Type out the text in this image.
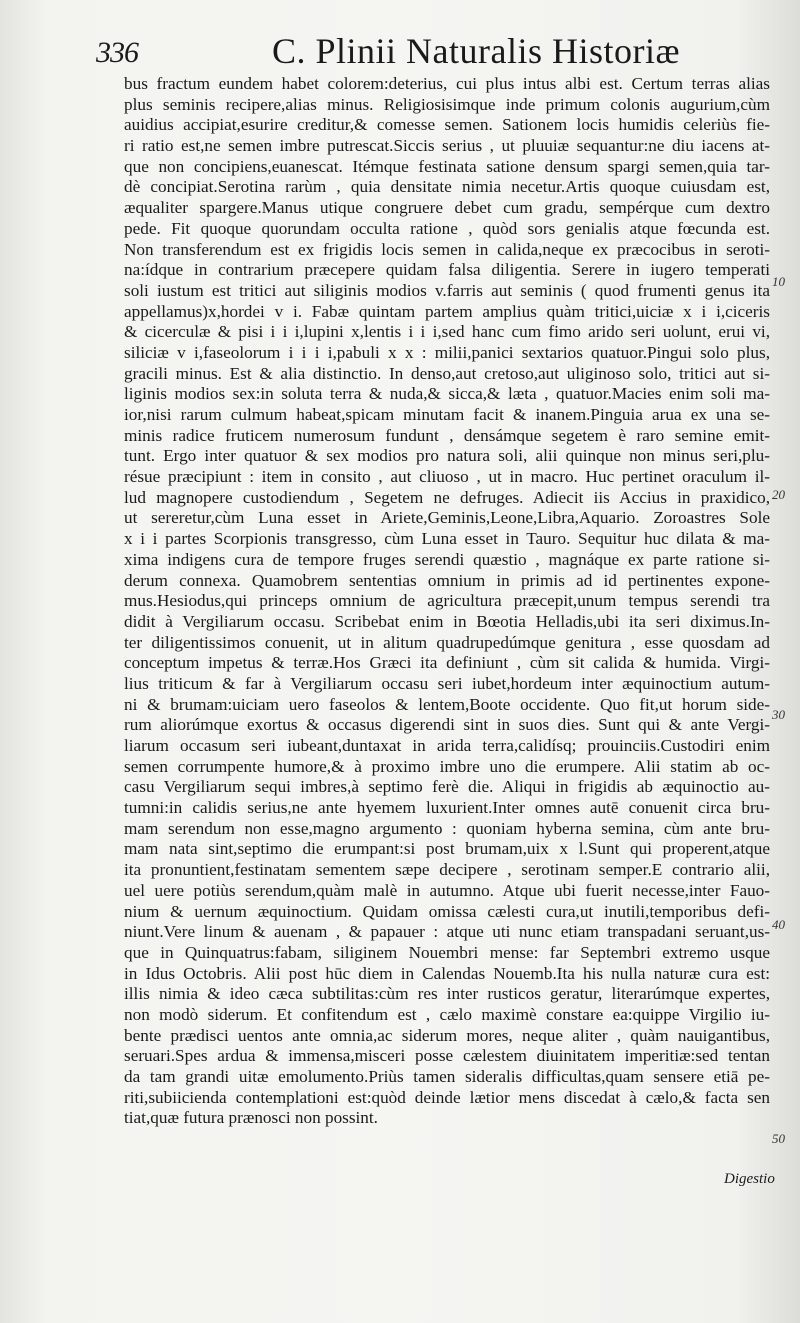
336	C. Plinii Naturalis Historiæ
bus fractum eundem habet colorem:deterius, cui plus intus albi est. Certum terras alias
plus seminis recipere,alias minus. Religiosisimque inde primum colonis augurium,cùm
auidius accipiat,esurire creditur,& comesse semen. Sationem locis humidis celeriùs fie-
ri ratio est,ne semen imbre putrescat.Siccis serius , ut pluuiæ sequantur:ne diu iacens at-
que non concipiens,euanescat. Itémque festinata satione densum spargi semen,quia tar-
dè concipiat.Serotina rarùm , quia densitate nimia necetur.Artis quoque cuiusdam est,
æqualiter spargere.Manus utique congruere debet cum gradu, sempérque cum dextro
pede. Fit quoque quorundam occulta ratione , quòd sors genialis atque fœcunda est.
Non transferendum est ex frigidis locis semen in calida,neque ex præcocibus in seroti-
na:ídque in contrarium præcepere quidam falsa diligentia. Serere in iugero temperati
soli iustum est tritici aut siliginis modios v.farris aut seminis ( quod frumenti genus ita
appellamus)x,hordei v i. Fabæ quintam partem amplius quàm tritici,uiciæ x i i,ciceris
& cicerculæ & pisi i i i,lupini x,lentis i i i,sed hanc cum fimo arido seri uolunt, erui vi,
siliciæ v i,faseolorum i i i i,pabuli x x : milii,panici sextarios quatuor.Pingui solo plus,
gracili minus. Est & alia distinctio. In denso,aut cretoso,aut uliginoso solo, tritici aut si-
liginis modios sex:in soluta terra & nuda,& sicca,& læta , quatuor.Macies enim soli ma-
ior,nisi rarum culmum habeat,spicam minutam facit & inanem.Pinguia arua ex una se-
minis radice fruticem numerosum fundunt , densámque segetem è raro semine emit-
tunt. Ergo inter quatuor & sex modios pro natura soli, alii quinque non minus seri,plu-
résue præcipiunt : item in consito , aut cliuoso , ut in macro. Huc pertinet oraculum il-
lud magnopere custodiendum , Segetem ne defruges. Adiecit iis Accius in praxidico,
ut sereretur,cùm Luna esset in Ariete,Geminis,Leone,Libra,Aquario. Zoroastres Sole
x i i partes Scorpionis transgresso, cùm Luna esset in Tauro. Sequitur huc dilata & ma-
xima indigens cura de tempore fruges serendi quæstio , magnáque ex parte ratione si-
derum connexa. Quamobrem sententias omnium in primis ad id pertinentes expone-
mus.Hesiodus,qui princeps omnium de agricultura præcepit,unum tempus serendi tra
didit à Vergiliarum occasu. Scribebat enim in Bœotia Helladis,ubi ita seri diximus.In-
ter diligentissimos conuenit, ut in alitum quadrupedúmque genitura , esse quosdam ad
conceptum impetus & terræ.Hos Græci ita definiunt , cùm sit calida & humida. Virgi-
lius triticum & far à Vergiliarum occasu seri iubet,hordeum inter æquinoctium autum-
ni & brumam:uiciam uero faseolos & lentem,Boote occidente. Quo fit,ut horum side-
rum aliorúmque exortus & occasus digerendi sint in suos dies. Sunt qui & ante Vergi-
liarum occasum seri iubeant,duntaxat in arida terra,calidísq; prouinciis.Custodiri enim
semen corrumpente humore,& à proximo imbre uno die erumpere. Alii statim ab oc-
casu Vergiliarum sequi imbres,à septimo ferè die. Aliqui in frigidis ab æquinoctio au-
tumni:in calidis serius,ne ante hyemem luxurient.Inter omnes autē conuenit circa bru-
mam serendum non esse,magno argumento : quoniam hyberna semina, cùm ante bru-
mam nata sint,septimo die erumpant:si post brumam,uix x l.Sunt qui properent,atque
ita pronuntient,festinatam sementem sæpe decipere , serotinam semper.E contrario alii,
uel uere potiùs serendum,quàm malè in autumno. Atque ubi fuerit necesse,inter Fauo-
nium & uernum æquinoctium. Quidam omissa cælesti cura,ut inutili,temporibus defi-
niunt.Vere linum & auenam , & papauer : atque uti nunc etiam transpadani seruant,us-
que in Quinquatrus:fabam, siliginem Nouembri mense: far Septembri extremo usque
in Idus Octobris. Alii post hūc diem in Calendas Nouemb.Ita his nulla naturæ cura est:
illis nimia & ideo cæca subtilitas:cùm res inter rusticos geratur, literarúmque expertes,
non modò siderum. Et confitendum est , cælo maximè constare ea:quippe Virgilio iu-
bente prædisci uentos ante omnia,ac siderum mores, neque aliter , quàm nauigantibus,
seruari.Spes ardua & immensa,misceri posse cælestem diuinitatem imperitiæ:sed tentan
da tam grandi uitæ emolumento.Priùs tamen sideralis difficultas,quam sensere etiā pe-
riti,subiicienda contemplationi est:quòd deinde lætior mens discedat à cælo,& facta sen
tiat,quæ futura prænosci non possint.
10
20
30
40
50
Digestio
